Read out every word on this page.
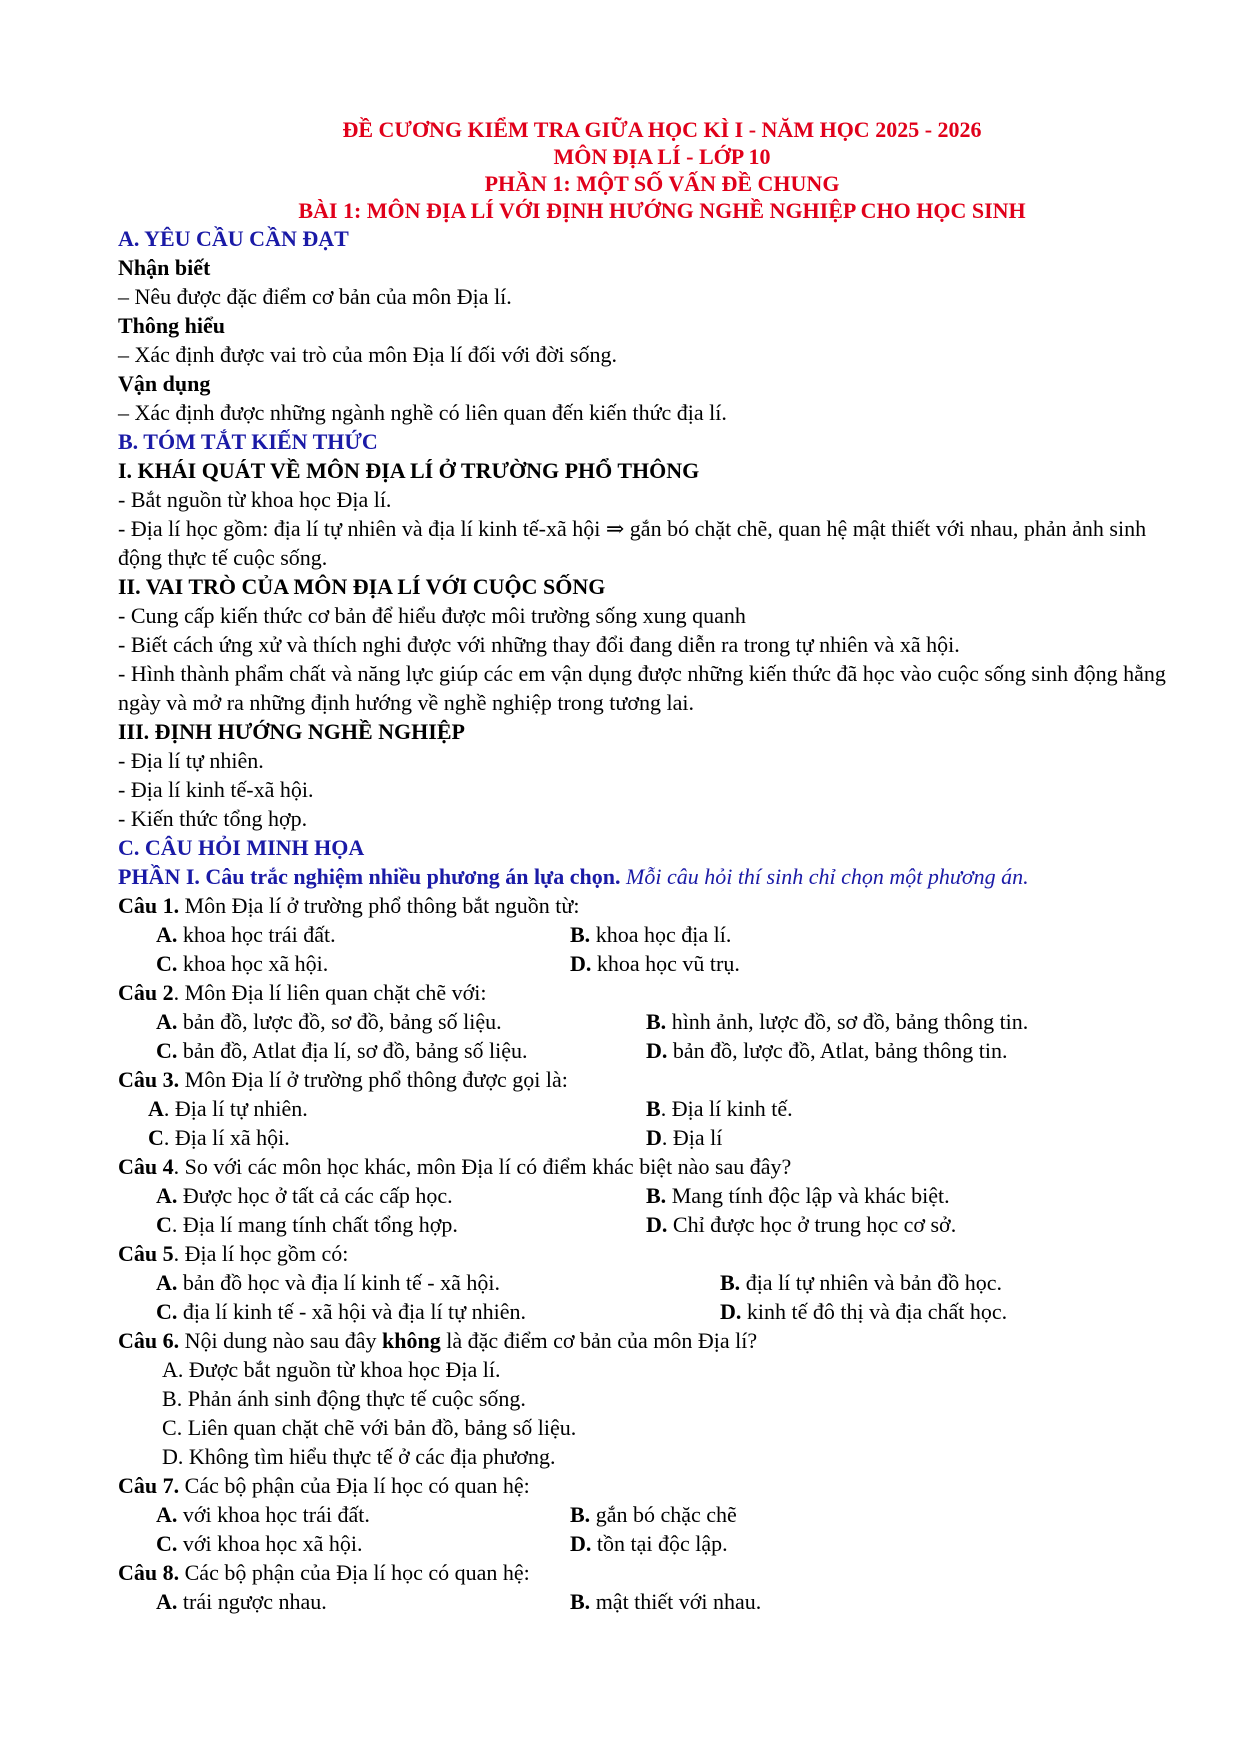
ĐỀ CƯƠNG KIỂM TRA GIỮA HỌC KÌ I - NĂM HỌC 2025 - 2026
MÔN ĐỊA LÍ - LỚP 10
PHẦN 1: MỘT SỐ VẤN ĐỀ CHUNG
BÀI 1: MÔN ĐỊA LÍ VỚI ĐỊNH HƯỚNG NGHỀ NGHIỆP CHO HỌC SINH
A. YÊU CẦU CẦN ĐẠT
Nhận biết
– Nêu được đặc điểm cơ bản của môn Địa lí.
Thông hiểu
– Xác định được vai trò của môn Địa lí đối với đời sống.
Vận dụng
– Xác định được những ngành nghề có liên quan đến kiến thức địa lí.
B. TÓM TẮT KIẾN THỨC
I. KHÁI QUÁT VỀ MÔN ĐỊA LÍ Ở TRƯỜNG PHỔ THÔNG
- Bắt nguồn từ khoa học Địa lí.
- Địa lí học gồm: địa lí tự nhiên và địa lí kinh tế-xã hội ⇒ gắn bó chặt chẽ, quan hệ mật thiết với nhau, phản ảnh sinh động thực tế cuộc sống.
II. VAI TRÒ CỦA MÔN ĐỊA LÍ VỚI CUỘC SỐNG
- Cung cấp kiến thức cơ bản để hiểu được môi trường sống xung quanh
- Biết cách ứng xử và thích nghi được với những thay đổi đang diễn ra trong tự nhiên và xã hội.
- Hình thành phẩm chất và năng lực giúp các em vận dụng được những kiến thức đã học vào cuộc sống sinh động hằng ngày và mở ra những định hướng về nghề nghiệp trong tương lai.
III. ĐỊNH HƯỚNG NGHỀ NGHIỆP
- Địa lí tự nhiên.
- Địa lí kinh tế-xã hội.
- Kiến thức tổng hợp.
C. CÂU HỎI MINH HỌA
PHẦN I. Câu trắc nghiệm nhiều phương án lựa chọn. Mỗi câu hỏi thí sinh chỉ chọn một phương án.
Câu 1. Môn Địa lí ở trường phổ thông bắt nguồn từ:
A. khoa học trái đất.	B. khoa học địa lí.
C. khoa học xã hội.	D. khoa học vũ trụ.
Câu 2. Môn Địa lí liên quan chặt chẽ với:
A. bản đồ, lược đồ, sơ đồ, bảng số liệu.	B. hình ảnh, lược đồ, sơ đồ, bảng thông tin.
C. bản đồ, Atlat địa lí, sơ đồ, bảng số liệu.	D. bản đồ, lược đồ, Atlat, bảng thông tin.
Câu 3. Môn Địa lí ở trường phổ thông được gọi là:
A. Địa lí tự nhiên.	B. Địa lí kinh tế.
C. Địa lí xã hội.	D. Địa lí
Câu 4. So với các môn học khác, môn Địa lí có điểm khác biệt nào sau đây?
A. Được học ở tất cả các cấp học.	B. Mang tính độc lập và khác biệt.
C. Địa lí mang tính chất tổng hợp.	D. Chỉ được học ở trung học cơ sở.
Câu 5. Địa lí học gồm có:
A. bản đồ học và địa lí kinh tế - xã hội.	B. địa lí tự nhiên và bản đồ học.
C. địa lí kinh tế - xã hội và địa lí tự nhiên.	D. kinh tế đô thị và địa chất học.
Câu 6. Nội dung nào sau đây không là đặc điểm cơ bản của môn Địa lí?
A. Được bắt nguồn từ khoa học Địa lí.
B. Phản ánh sinh động thực tế cuộc sống.
C. Liên quan chặt chẽ với bản đồ, bảng số liệu.
D. Không tìm hiểu thực tế ở các địa phương.
Câu 7. Các bộ phận của Địa lí học có quan hệ:
A. với khoa học trái đất.	B. gắn bó chặc chẽ
C. với khoa học xã hội.	D. tồn tại độc lập.
Câu 8. Các bộ phận của Địa lí học có quan hệ:
A. trái ngược nhau.	B. mật thiết với nhau.
